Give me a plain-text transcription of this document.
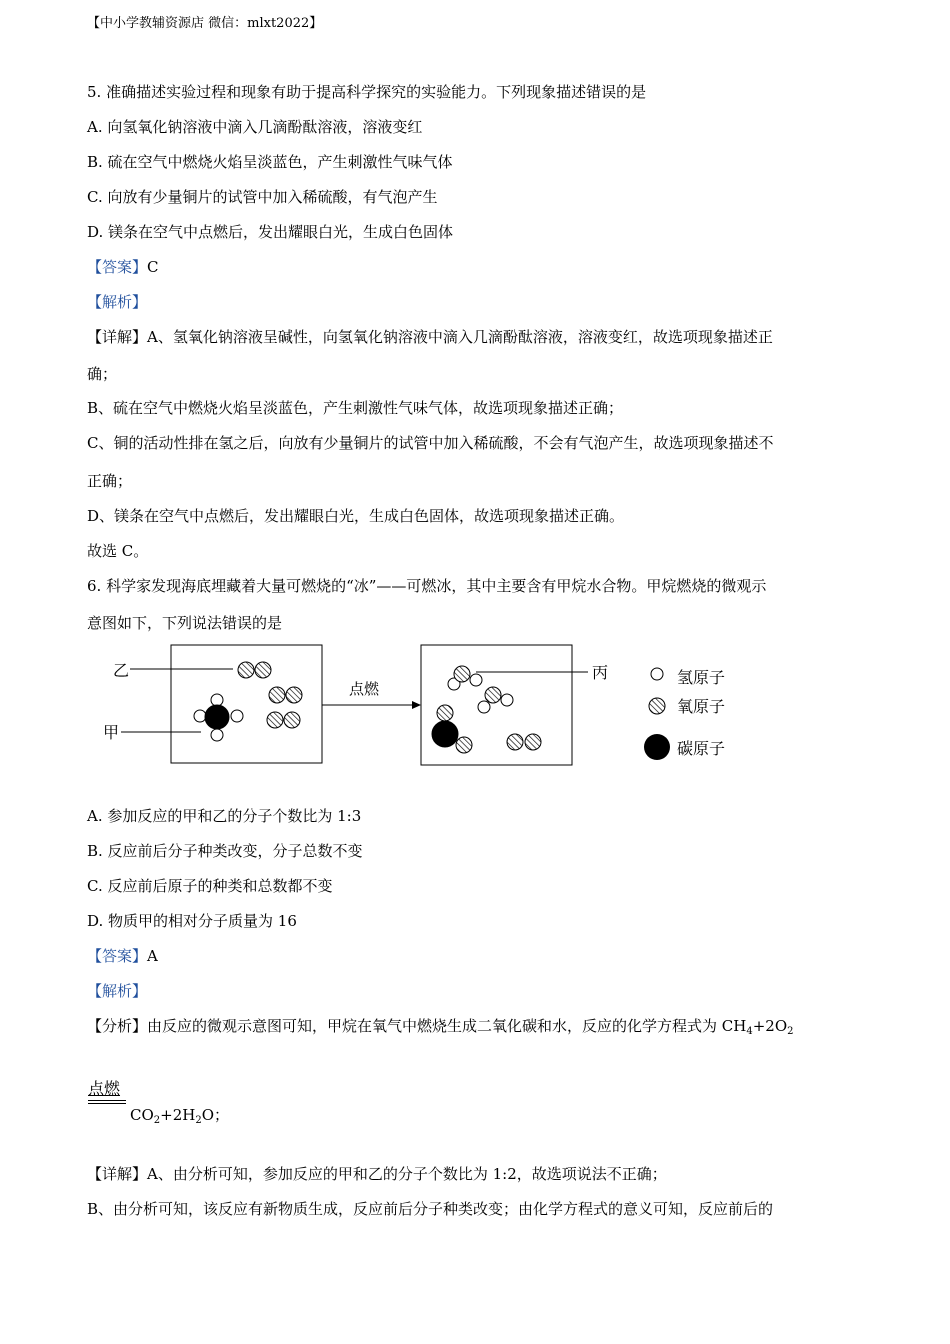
【中小学教辅资源店 微信：mlxt2022】
5. 准确描述实验过程和现象有助于提高科学探究的实验能力。下列现象描述错误的是
A. 向氢氧化钠溶液中滴入几滴酚酞溶液，溶液变红
B. 硫在空气中燃烧火焰呈淡蓝色，产生刺激性气味气体
C. 向放有少量铜片的试管中加入稀硫酸，有气泡产生
D. 镁条在空气中点燃后，发出耀眼白光，生成白色固体
【答案】C
【解析】
【详解】A、氢氧化钠溶液呈碱性，向氢氧化钠溶液中滴入几滴酚酞溶液，溶液变红，故选项现象描述正
确；
B、硫在空气中燃烧火焰呈淡蓝色，产生刺激性气味气体，故选项现象描述正确；
C、铜的活动性排在氢之后，向放有少量铜片的试管中加入稀硫酸，不会有气泡产生，故选项现象描述不
正确；
D、镁条在空气中点燃后，发出耀眼白光，生成白色固体，故选项现象描述正确。
故选 C。
6. 科学家发现海底埋藏着大量可燃烧的“冰”——可燃冰，其中主要含有甲烷水合物。甲烷燃烧的微观示
意图如下，下列说法错误的是
乙
甲
点燃
丙	氢原子
氧原子
碳原子
A. 参加反应的甲和乙的分子个数比为 1:3
B. 反应前后分子种类改变，分子总数不变
C. 反应前后原子的种类和总数都不变
D. 物质甲的相对分子质量为 16
【答案】A
【解析】
【分析】由反应的微观示意图可知，甲烷在氧气中燃烧生成二氧化碳和水，反应的化学方程式为 $CH_4+2O_2$
点燃
$CO_2+2H_2O$；
【详解】A、由分析可知，参加反应的甲和乙的分子个数比为 1:2，故选项说法不正确；
B、由分析可知，该反应有新物质生成，反应前后分子种类改变；由化学方程式的意义可知，反应前后的
